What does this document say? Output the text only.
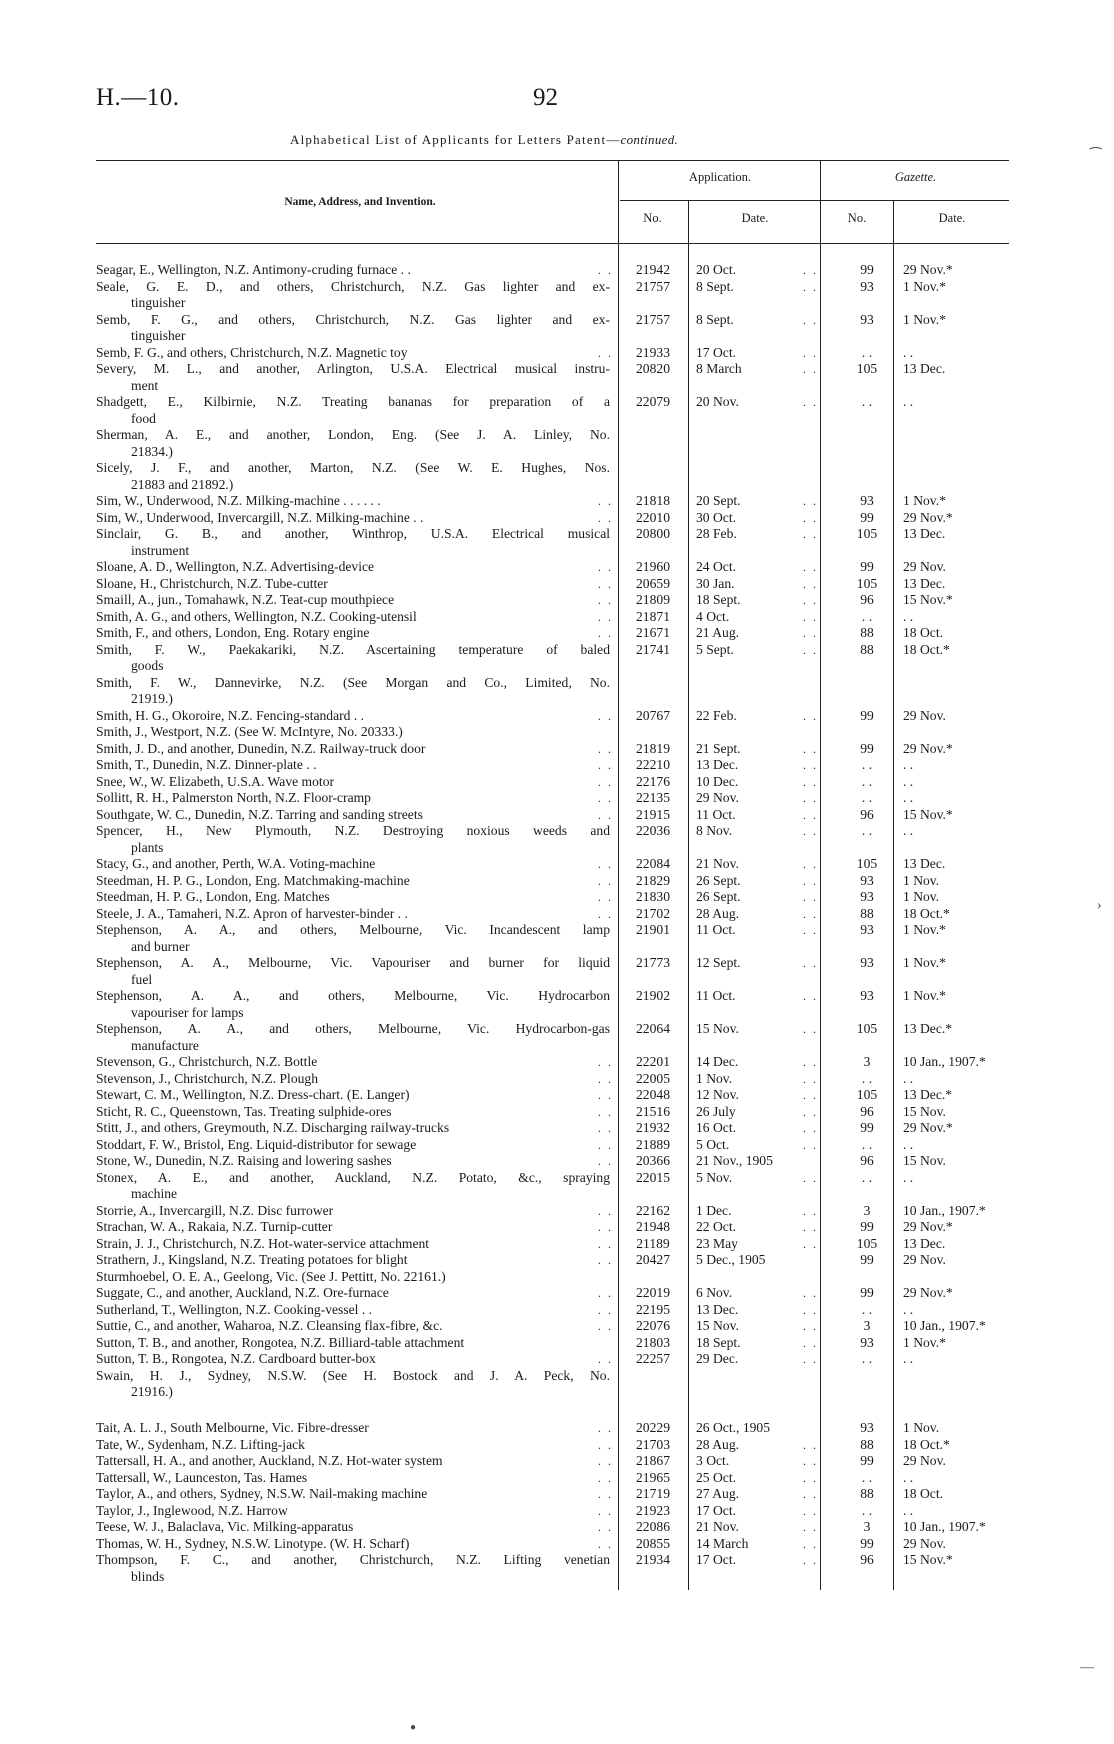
H.—10.	92
Alphabetical List of Applicants for Letters Patent—continued.
Name, Address, and Invention.
Application.	Gazette.
No.	Date.	No.	Date.
Seagar, E., Wellington, N.Z. Antimony-cruding furnace . .	. .	21942	20 Oct.	. .	99	29 Nov.*
Seale, G. E. D., and others, Christchurch, N.Z. Gas lighter and ex-
tinguisher
21757	8 Sept.	. .	93	1 Nov.*
Semb, F. G., and others, Christchurch, N.Z. Gas lighter and ex-
tinguisher
21757	8 Sept.	. .	93	1 Nov.*
Semb, F. G., and others, Christchurch, N.Z. Magnetic toy	. .	21933	17 Oct.	. .	. .	. .
Severy, M. L., and another, Arlington, U.S.A. Electrical musical instru-
ment
20820	8 March	. .	105	13 Dec.
Shadgett, E., Kilbirnie, N.Z. Treating bananas for preparation of a
food
22079	20 Nov.	. .	. .	. .
Sherman, A. E., and another, London, Eng. (See J. A. Linley, No.
21834.)
Sicely, J. F., and another, Marton, N.Z. (See W. E. Hughes, Nos.
21883 and 21892.)
Sim, W., Underwood, N.Z. Milking-machine . . . . . .	. .	21818	20 Sept.	. .	93	1 Nov.*
Sim, W., Underwood, Invercargill, N.Z. Milking-machine . .	. .	22010	30 Oct.	. .	99	29 Nov.*
Sinclair, G. B., and another, Winthrop, U.S.A. Electrical musical
instrument
20800	28 Feb.	. .	105	13 Dec.
Sloane, A. D., Wellington, N.Z. Advertising-device	. .	21960	24 Oct.	. .	99	29 Nov.
Sloane, H., Christchurch, N.Z. Tube-cutter	. .	20659	30 Jan.	. .	105	13 Dec.
Smaill, A., jun., Tomahawk, N.Z. Teat-cup mouthpiece	. .	21809	18 Sept.	. .	96	15 Nov.*
Smith, A. G., and others, Wellington, N.Z. Cooking-utensil	. .	21871	4 Oct.	. .	. .	. .
Smith, F., and others, London, Eng. Rotary engine	. .	21671	21 Aug.	. .	88	18 Oct.
Smith, F. W., Paekakariki, N.Z. Ascertaining temperature of baled
goods
21741	5 Sept.	. .	88	18 Oct.*
Smith, F. W., Dannevirke, N.Z. (See Morgan and Co., Limited, No.
21919.)
Smith, H. G., Okoroire, N.Z. Fencing-standard . .	. .	20767	22 Feb.	. .	99	29 Nov.
Smith, J., Westport, N.Z. (See W. McIntyre, No. 20333.)
Smith, J. D., and another, Dunedin, N.Z. Railway-truck door	. .	21819	21 Sept.	. .	99	29 Nov.*
Smith, T., Dunedin, N.Z. Dinner-plate . .	. .	22210	13 Dec.	. .	. .	. .
Snee, W., W. Elizabeth, U.S.A. Wave motor	. .	22176	10 Dec.	. .	. .	. .
Sollitt, R. H., Palmerston North, N.Z. Floor-cramp	. .	22135	29 Nov.	. .	. .	. .
Southgate, W. C., Dunedin, N.Z. Tarring and sanding streets	. .	21915	11 Oct.	. .	96	15 Nov.*
Spencer, H., New Plymouth, N.Z. Destroying noxious weeds and
plants
22036	8 Nov.	. .	. .	. .
Stacy, G., and another, Perth, W.A. Voting-machine	. .	22084	21 Nov.	. .	105	13 Dec.
Steedman, H. P. G., London, Eng. Matchmaking-machine	. .	21829	26 Sept.	. .	93	1 Nov.
Steedman, H. P. G., London, Eng. Matches	. .	21830	26 Sept.	. .	93	1 Nov.
Steele, J. A., Tamaheri, N.Z. Apron of harvester-binder . .	. .	21702	28 Aug.	. .	88	18 Oct.*
Stephenson, A. A., and others, Melbourne, Vic. Incandescent lamp
and burner
21901	11 Oct.	. .	93	1 Nov.*
Stephenson, A. A., Melbourne, Vic. Vapouriser and burner for liquid
fuel
21773	12 Sept.	. .	93	1 Nov.*
Stephenson, A. A., and others, Melbourne, Vic. Hydrocarbon
vapouriser for lamps
21902	11 Oct.	. .	93	1 Nov.*
Stephenson, A. A., and others, Melbourne, Vic. Hydrocarbon-gas
manufacture
22064	15 Nov.	. .	105	13 Dec.*
Stevenson, G., Christchurch, N.Z. Bottle	. .	22201	14 Dec.	. .	3	10 Jan., 1907.*
Stevenson, J., Christchurch, N.Z. Plough	. .	22005	1 Nov.	. .	. .	. .
Stewart, C. M., Wellington, N.Z. Dress-chart. (E. Langer)	. .	22048	12 Nov.	. .	105	13 Dec.*
Sticht, R. C., Queenstown, Tas. Treating sulphide-ores	. .	21516	26 July	. .	96	15 Nov.
Stitt, J., and others, Greymouth, N.Z. Discharging railway-trucks	. .	21932	16 Oct.	. .	99	29 Nov.*
Stoddart, F. W., Bristol, Eng. Liquid-distributor for sewage	. .	21889	5 Oct.	. .	. .	. .
Stone, W., Dunedin, N.Z. Raising and lowering sashes	. .	20366	21 Nov., 1905	96	15 Nov.
Stonex, A. E., and another, Auckland, N.Z. Potato, &c., spraying
machine
22015	5 Nov.	. .	. .	. .
Storrie, A., Invercargill, N.Z. Disc furrower	. .	22162	1 Dec.	. .	3	10 Jan., 1907.*
Strachan, W. A., Rakaia, N.Z. Turnip-cutter	. .	21948	22 Oct.	. .	99	29 Nov.*
Strain, J. J., Christchurch, N.Z. Hot-water-service attachment	. .	21189	23 May	. .	105	13 Dec.
Strathern, J., Kingsland, N.Z. Treating potatoes for blight	. .	20427	5 Dec., 1905	99	29 Nov.
Sturmhoebel, O. E. A., Geelong, Vic. (See J. Pettitt, No. 22161.)
Suggate, C., and another, Auckland, N.Z. Ore-furnace	. .	22019	6 Nov.	. .	99	29 Nov.*
Sutherland, T., Wellington, N.Z. Cooking-vessel . .	. .	22195	13 Dec.	. .	. .	. .
Suttie, C., and another, Waharoa, N.Z. Cleansing flax-fibre, &c.	. .	22076	15 Nov.	. .	3	10 Jan., 1907.*
Sutton, T. B., and another, Rongotea, N.Z. Billiard-table attachment	21803	18 Sept.	. .	93	1 Nov.*
Sutton, T. B., Rongotea, N.Z. Cardboard butter-box	. .	22257	29 Dec.	. .	. .	. .
Swain, H. J., Sydney, N.S.W. (See H. Bostock and J. A. Peck, No.
21916.)
Tait, A. L. J., South Melbourne, Vic. Fibre-dresser	. .	20229	26 Oct., 1905	93	1 Nov.
Tate, W., Sydenham, N.Z. Lifting-jack	. .	21703	28 Aug.	. .	88	18 Oct.*
Tattersall, H. A., and another, Auckland, N.Z. Hot-water system	. .	21867	3 Oct.	. .	99	29 Nov.
Tattersall, W., Launceston, Tas. Hames	. .	21965	25 Oct.	. .	. .	. .
Taylor, A., and others, Sydney, N.S.W. Nail-making machine	. .	21719	27 Aug.	. .	88	18 Oct.
Taylor, J., Inglewood, N.Z. Harrow	. .	21923	17 Oct.	. .	. .	. .
Teese, W. J., Balaclava, Vic. Milking-apparatus	. .	22086	21 Nov.	. .	3	10 Jan., 1907.*
Thomas, W. H., Sydney, N.S.W. Linotype. (W. H. Scharf)	. .	20855	14 March	. .	99	29 Nov.
Thompson, F. C., and another, Christchurch, N.Z. Lifting venetian
blinds
21934	17 Oct.	. .	96	15 Nov.*
⁀
›
—
●
